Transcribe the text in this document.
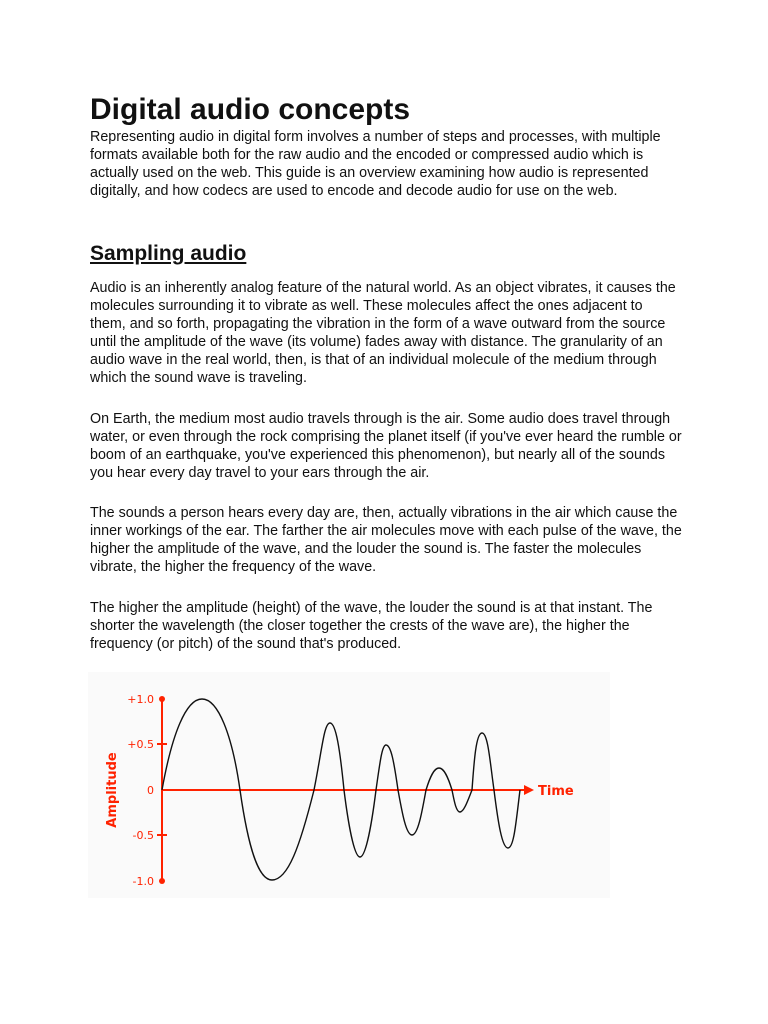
Digital audio concepts

Representing audio in digital form involves a number of steps and processes, with multiple formats available both for the raw audio and the encoded or compressed audio which is actually used on the web. This guide is an overview examining how audio is represented digitally, and how codecs are used to encode and decode audio for use on the web.

Sampling audio

Audio is an inherently analog feature of the natural world. As an object vibrates, it causes the molecules surrounding it to vibrate as well. These molecules affect the ones adjacent to them, and so forth, propagating the vibration in the form of a wave outward from the source until the amplitude of the wave (its volume) fades away with distance. The granularity of an audio wave in the real world, then, is that of an individual molecule of the medium through which the sound wave is traveling.

On Earth, the medium most audio travels through is the air. Some audio does travel through water, or even through the rock comprising the planet itself (if you've ever heard the rumble or boom of an earthquake, you've experienced this phenomenon), but nearly all of the sounds you hear every day travel to your ears through the air.

The sounds a person hears every day are, then, actually vibrations in the air which cause the inner workings of the ear. The farther the air molecules move with each pulse of the wave, the higher the amplitude of the wave, and the louder the sound is. The faster the molecules vibrate, the higher the frequency of the wave.

The higher the amplitude (height) of the wave, the louder the sound is at that instant. The shorter the wavelength (the closer together the crests of the wave are), the higher the frequency (or pitch) of the sound that's produced.

+1.0
+0.5
0
-0.5
-1.0
Amplitude	Time
